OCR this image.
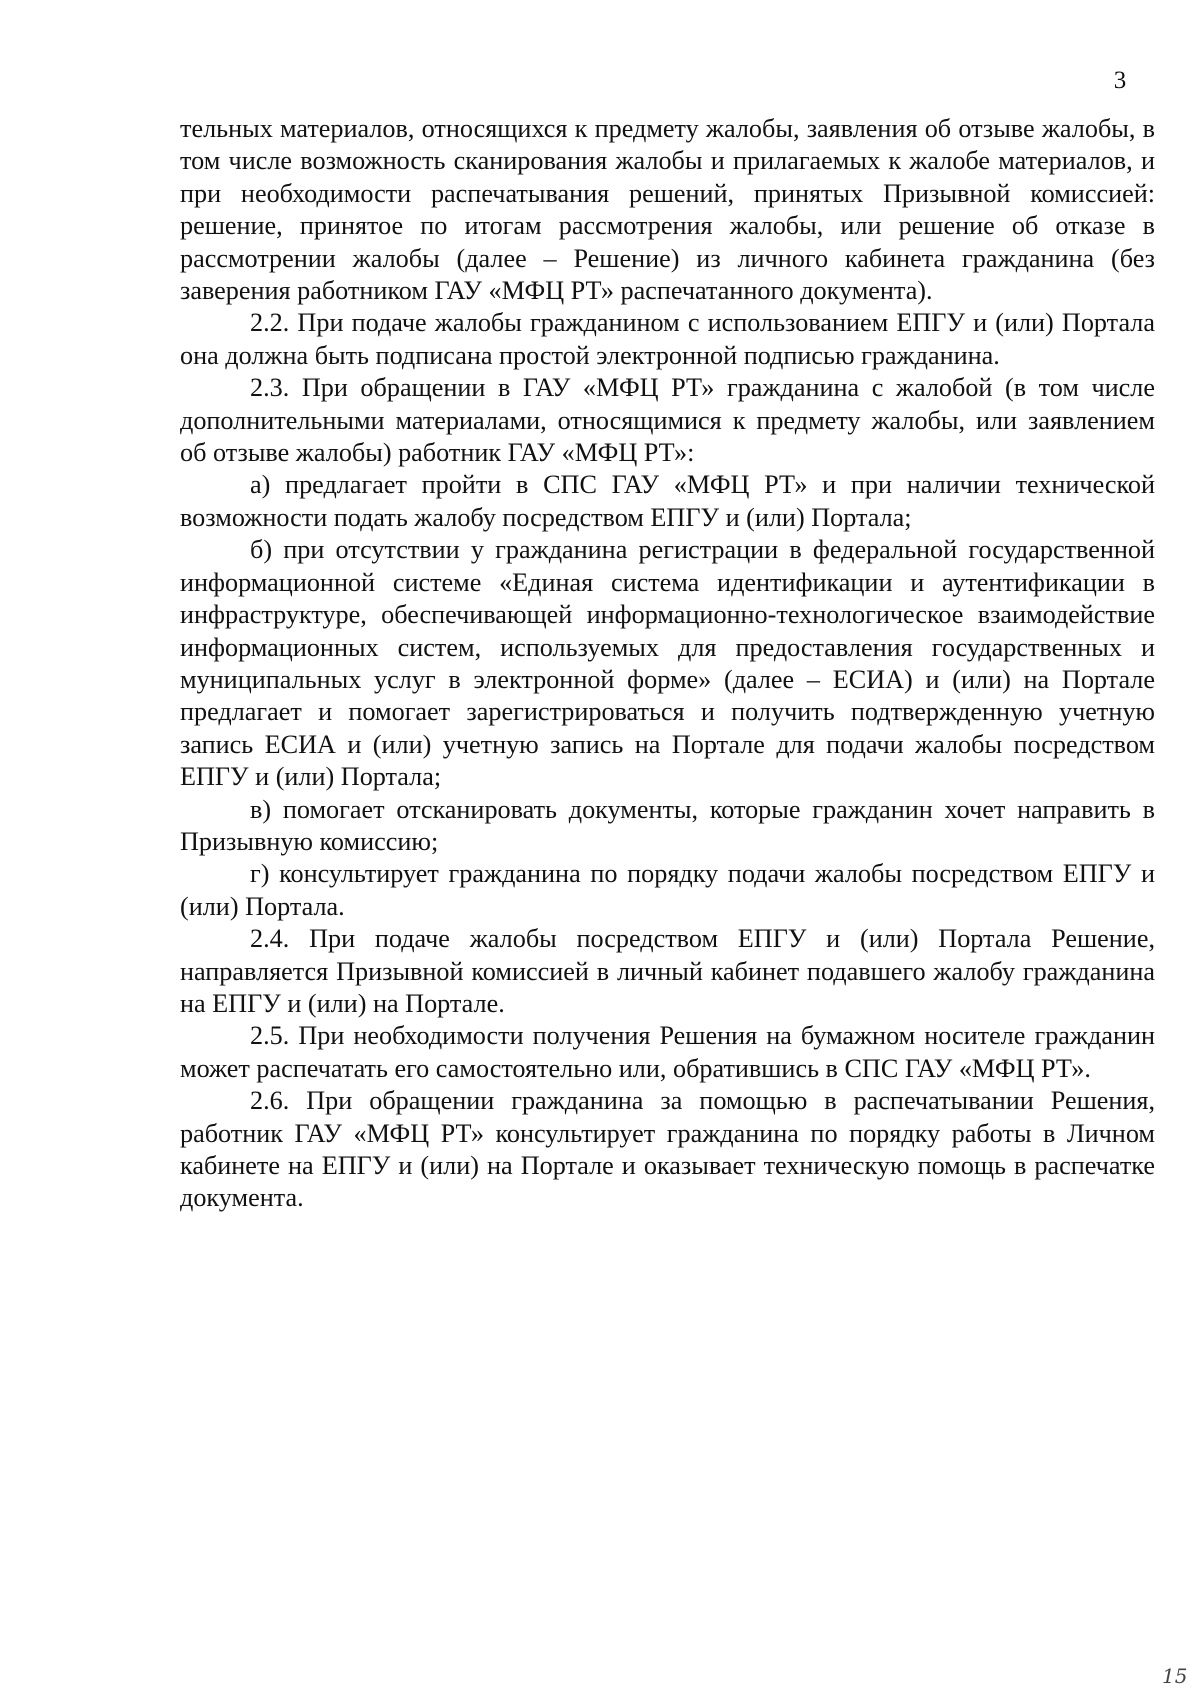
3

тельных материалов, относящихся к предмету жалобы, заявления об отзыве жалобы, в том числе возможность сканирования жалобы и прилагаемых к жалобе материалов, и при необходимости распечатывания решений, принятых Призывной комиссией: решение, принятое по итогам рассмотрения жалобы, или решение об отказе в рассмотрении жалобы (далее – Решение) из личного кабинета гражданина (без заверения работником ГАУ «МФЦ РТ» распечатанного документа).

2.2. При подаче жалобы гражданином с использованием ЕПГУ и (или) Портала она должна быть подписана простой электронной подписью гражданина.

2.3. При обращении в ГАУ «МФЦ РТ» гражданина с жалобой (в том числе дополнительными материалами, относящимися к предмету жалобы, или заявлением об отзыве жалобы) работник ГАУ «МФЦ РТ»:

а) предлагает пройти в СПС ГАУ «МФЦ РТ» и при наличии технической возможности подать жалобу посредством ЕПГУ и (или) Портала;

б) при отсутствии у гражданина регистрации в федеральной государственной информационной системе «Единая система идентификации и аутентификации в инфраструктуре, обеспечивающей информационно-технологическое взаимодействие информационных систем, используемых для предоставления государственных и муниципальных услуг в электронной форме» (далее – ЕСИА) и (или) на Портале предлагает и помогает зарегистрироваться и получить подтвержденную учетную запись ЕСИА и (или) учетную запись на Портале для подачи жалобы посредством ЕПГУ и (или) Портала;

в) помогает отсканировать документы, которые гражданин хочет направить в Призывную комиссию;

г) консультирует гражданина по порядку подачи жалобы посредством ЕПГУ и (или) Портала.

2.4. При подаче жалобы посредством ЕПГУ и (или) Портала Решение, направляется Призывной комиссией в личный кабинет подавшего жалобу гражданина на ЕПГУ и (или) на Портале.

2.5. При необходимости получения Решения на бумажном носителе гражданин может распечатать его самостоятельно или, обратившись в СПС ГАУ «МФЦ РТ».

2.6. При обращении гражданина за помощью в распечатывании Решения, работник ГАУ «МФЦ РТ» консультирует гражданина по порядку работы в Личном кабинете на ЕПГУ и (или) на Портале и оказывает техническую помощь в распечатке документа.

15
